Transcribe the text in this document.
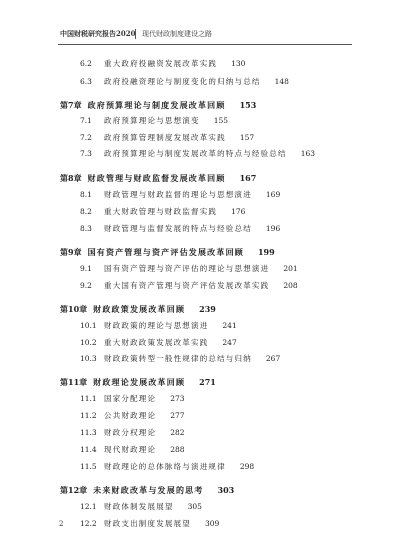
中国财税研究报告2020 现代财政制度建设之路
6.2 重大政府投融资发展改革实践 130
6.3 政府投融资理论与制度变化的归纳与总结 148
第7章 政府预算理论与制度发展改革回顾 153
7.1 政府预算理论与思想演变 155
7.2 政府预算管理制度发展改革实践 157
7.3 政府预算理论与制度发展改革的特点与经验总结 163
第8章 财政管理与财政监督发展改革回顾 167
8.1 财政管理与财政监督的理论与思想演进 169
8.2 重大财政管理与财政监督实践 176
8.3 财政管理与监督发展的特点与经验总结 196
第9章 国有资产管理与资产评估发展改革回顾 199
9.1 国有资产管理与资产评估的理论与思想演进 201
9.2 重大国有资产管理与资产评估发展改革实践 208
第10章 财政政策发展改革回顾 239
10.1 财政政策的理论与思想演进 241
10.2 重大财政政策发展改革实践 247
10.3 财政政策转型一般性规律的总结与归纳 267
第11章 财政理论发展改革回顾 271
11.1 国家分配理论 273
11.2 公共财政理论 277
11.3 财政分权理论 282
11.4 现代财政理论 288
11.5 财政理论的总体脉络与演进规律 298
第12章 未来财政改革与发展的思考 303
12.1 财政体制发展展望 305
12.2 财政支出制度发展展望 309
2
